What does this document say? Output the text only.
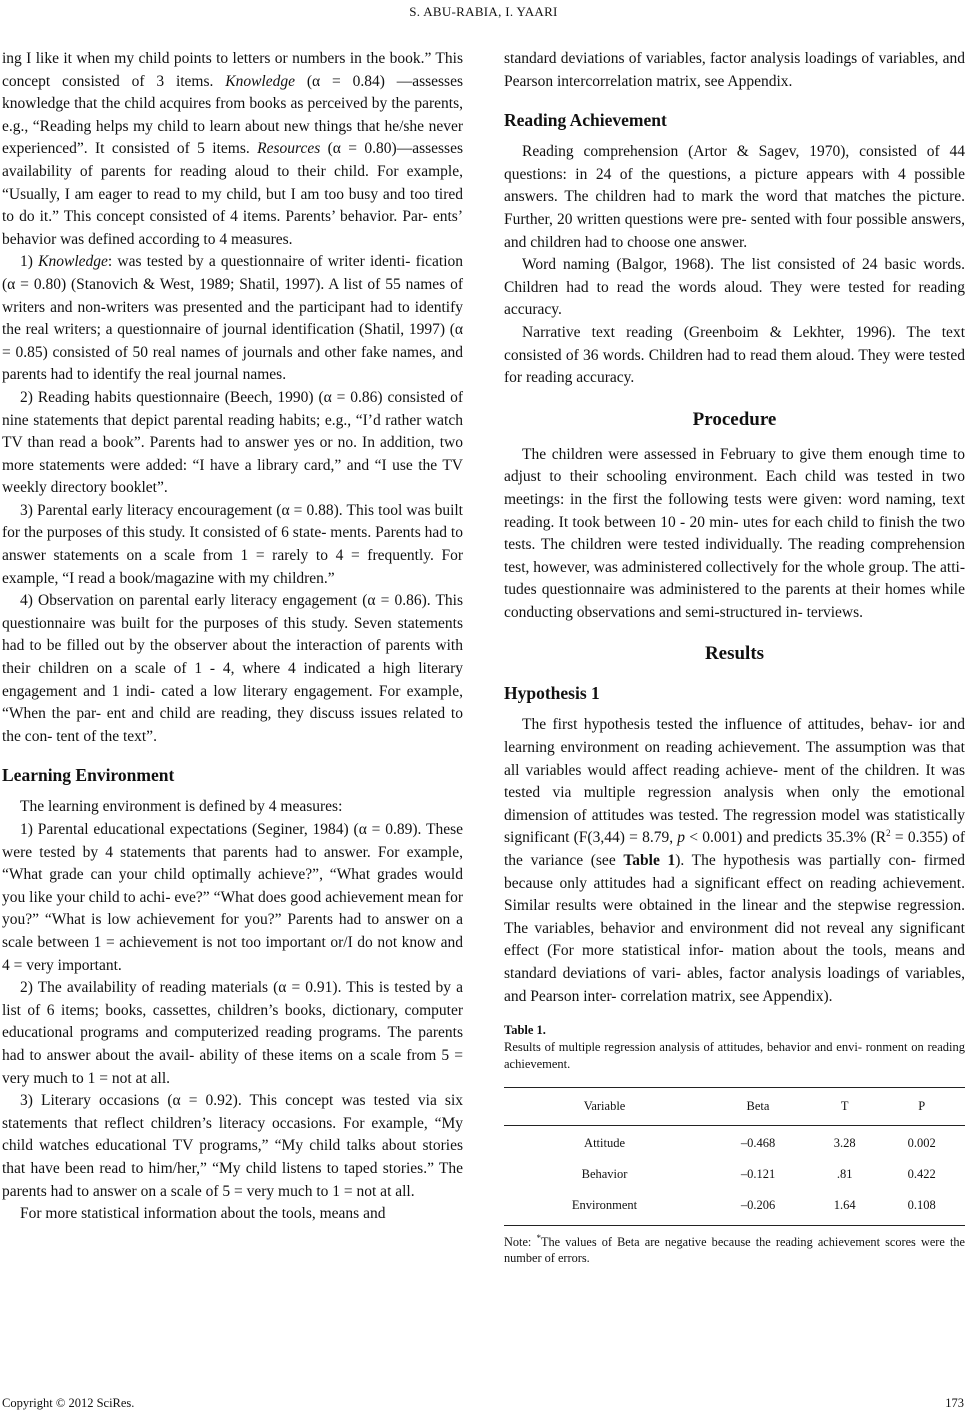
S. ABU-RABIA, I. YAARI

ing I like it when my child points to letters or numbers in the book.” This concept consisted of 3 items. Knowledge (α = 0.84) —assesses knowledge that the child acquires from books as perceived by the parents, e.g., “Reading helps my child to learn about new things that he/she never experienced”. It consisted of 5 items. Resources (α = 0.80)—assesses availability of parents for reading aloud to their child. For example, “Usually, I am eager to read to my child, but I am too busy and too tired to do it.” This concept consisted of 4 items. Parents’ behavior. Par- ents’ behavior was defined according to 4 measures.

1) Knowledge: was tested by a questionnaire of writer identi- fication (α = 0.80) (Stanovich & West, 1989; Shatil, 1997). A list of 55 names of writers and non-writers was presented and the participant had to identify the real writers; a questionnaire of journal identification (Shatil, 1997) (α = 0.85) consisted of 50 real names of journals and other fake names, and parents had to identify the real journal names.

2) Reading habits questionnaire (Beech, 1990) (α = 0.86) consisted of nine statements that depict parental reading habits; e.g., “I’d rather watch TV than read a book”. Parents had to answer yes or no. In addition, two more statements were added: “I have a library card,” and “I use the TV weekly directory booklet”.

3) Parental early literacy encouragement (α = 0.88). This tool was built for the purposes of this study. It consisted of 6 state- ments. Parents had to answer statements on a scale from 1 = rarely to 4 = frequently. For example, “I read a book/magazine with my children.”

4) Observation on parental early literacy engagement (α = 0.86). This questionnaire was built for the purposes of this study. Seven statements had to be filled out by the observer about the interaction of parents with their children on a scale of 1 - 4, where 4 indicated a high literary engagement and 1 indi- cated a low literary engagement. For example, “When the par- ent and child are reading, they discuss issues related to the con- tent of the text”.

Learning Environment

The learning environment is defined by 4 measures:

1) Parental educational expectations (Seginer, 1984) (α = 0.89). These were tested by 4 statements that parents had to answer. For example, “What grade can your child optimally achieve?”, “What grades would you like your child to achi- eve?” “What does good achievement mean for you?” “What is low achievement for you?” Parents had to answer on a scale between 1 = achievement is not too important or/I do not know and 4 = very important.

2) The availability of reading materials (α = 0.91). This is tested by a list of 6 items; books, cassettes, children’s books, dictionary, computer educational programs and computerized reading programs. The parents had to answer about the avail- ability of these items on a scale from 5 = very much to 1 = not at all.

3) Literary occasions (α = 0.92). This concept was tested via six statements that reflect children’s literacy occasions. For example, “My child watches educational TV programs,” “My child talks about stories that have been read to him/her,” “My child listens to taped stories.” The parents had to answer on a scale of 5 = very much to 1 = not at all.

For more statistical information about the tools, means and

standard deviations of variables, factor analysis loadings of variables, and Pearson intercorrelation matrix, see Appendix.

Reading Achievement

Reading comprehension (Artor & Sagev, 1970), consisted of 44 questions: in 24 of the questions, a picture appears with 4 possible answers. The children had to mark the word that matches the picture. Further, 20 written questions were pre- sented with four possible answers, and children had to choose one answer.

Word naming (Balgor, 1968). The list consisted of 24 basic words. Children had to read the words aloud. They were tested for reading accuracy.

Narrative text reading (Greenboim & Lekhter, 1996). The text consisted of 36 words. Children had to read them aloud. They were tested for reading accuracy.

Procedure

The children were assessed in February to give them enough time to adjust to their schooling environment. Each child was tested in two meetings: in the first the following tests were given: word naming, text reading. It took between 10 - 20 min- utes for each child to finish the two tests. The children were tested individually. The reading comprehension test, however, was administered collectively for the whole group. The atti- tudes questionnaire was administered to the parents at their homes while conducting observations and semi-structured in- terviews.

Results
Hypothesis 1

The first hypothesis tested the influence of attitudes, behav- ior and learning environment on reading achievement. The assumption was that all variables would affect reading achieve- ment of the children. It was tested via multiple regression analysis when only the emotional dimension of attitudes was tested. The regression model was statistically significant (F(3,44) = 8.79, p < 0.001) and predicts 35.3% $(R^2 = 0.355)$ of the variance (see Table 1). The hypothesis was partially con- firmed because only attitudes had a significant effect on reading achievement. Similar results were obtained in the linear and the stepwise regression. The variables, behavior and environment did not reveal any significant effect (For more statistical infor- mation about the tools, means and standard deviations of vari- ables, factor analysis loadings of variables, and Pearson inter- correlation matrix, see Appendix).

Table 1.
Results of multiple regression analysis of attitudes, behavior and envi- ronment on reading achievement.
Variable	Beta	T	P
Attitude	–0.468	3.28	0.002
Behavior	–0.121	.81	0.422
Environment	–0.206	1.64	0.108
Note: *The values of Beta are negative because the reading achievement scores were the number of errors.
Copyright © 2012 SciRes.	173
